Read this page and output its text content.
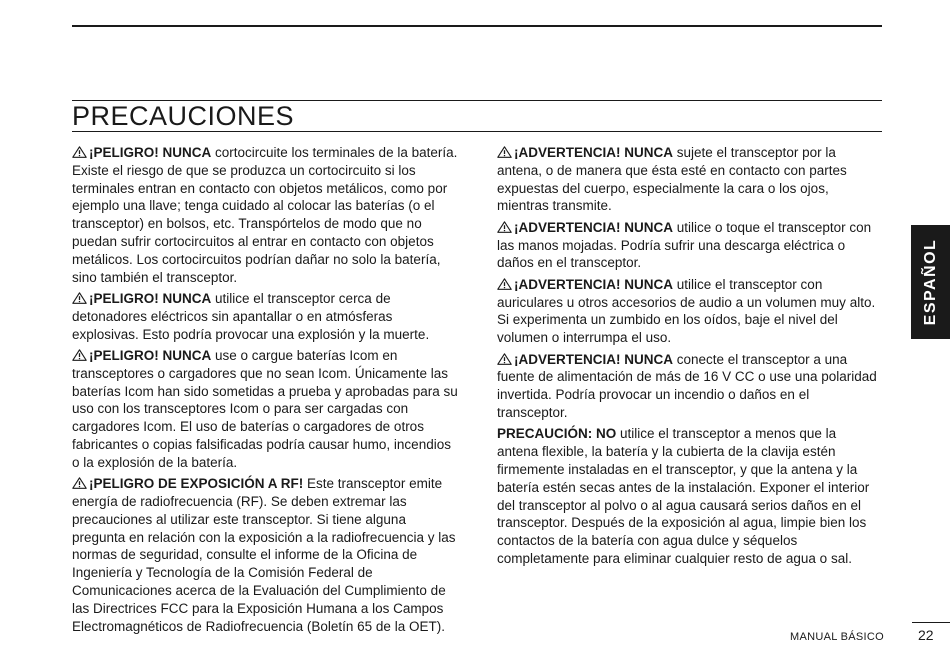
PRECAUCIONES

¡PELIGRO! NUNCA cortocircuite los terminales de la batería. Existe el riesgo de que se produzca un cortocircuito si los terminales entran en contacto con objetos metálicos, como por ejemplo una llave; tenga cuidado al colocar las baterías (o el transceptor) en bolsos, etc. Transpórtelos de modo que no puedan sufrir cortocircuitos al entrar en contacto con objetos metálicos. Los cortocircuitos podrían dañar no solo la batería, sino también el transceptor.

¡PELIGRO! NUNCA utilice el transceptor cerca de detonadores eléctricos sin apantallar o en atmósferas explosivas. Esto podría provocar una explosión y la muerte.

¡PELIGRO! NUNCA use o cargue baterías Icom en transceptores o cargadores que no sean Icom. Únicamente las baterías Icom han sido sometidas a prueba y aprobadas para su uso con los transceptores Icom o para ser cargadas con cargadores Icom. El uso de baterías o cargadores de otros fabricantes o copias falsificadas podría causar humo, incendios o la explosión de la batería.

¡PELIGRO DE EXPOSICIÓN A RF! Este transceptor emite energía de radiofrecuencia (RF). Se deben extremar las precauciones al utilizar este transceptor. Si tiene alguna pregunta en relación con la exposición a la radiofrecuencia y las normas de seguridad, consulte el informe de la Oficina de Ingeniería y Tecnología de la Comisión Federal de Comunicaciones acerca de la Evaluación del Cumplimiento de las Directrices FCC para la Exposición Humana a los Campos Electromagnéticos de Radiofrecuencia (Boletín 65 de la OET).

¡ADVERTENCIA! NUNCA sujete el transceptor por la antena, o de manera que ésta esté en contacto con partes expuestas del cuerpo, especialmente la cara o los ojos, mientras transmite.

¡ADVERTENCIA! NUNCA utilice o toque el transceptor con las manos mojadas. Podría sufrir una descarga eléctrica o daños en el transceptor.

¡ADVERTENCIA! NUNCA utilice el transceptor con auriculares u otros accesorios de audio a un volumen muy alto. Si experimenta un zumbido en los oídos, baje el nivel del volumen o interrumpa el uso.

¡ADVERTENCIA! NUNCA conecte el transceptor a una fuente de alimentación de más de 16 V CC o use una polaridad invertida. Podría provocar un incendio o daños en el transceptor.

PRECAUCIÓN: NO utilice el transceptor a menos que la antena flexible, la batería y la cubierta de la clavija estén firmemente instaladas en el transceptor, y que la antena y la batería estén secas antes de la instalación. Exponer el interior del transceptor al polvo o al agua causará serios daños en el transceptor. Después de la exposición al agua, limpie bien los contactos de la batería con agua dulce y séquelos completamente para eliminar cualquier resto de agua o sal.

ESPAÑOL
MANUAL BÁSICO 22
